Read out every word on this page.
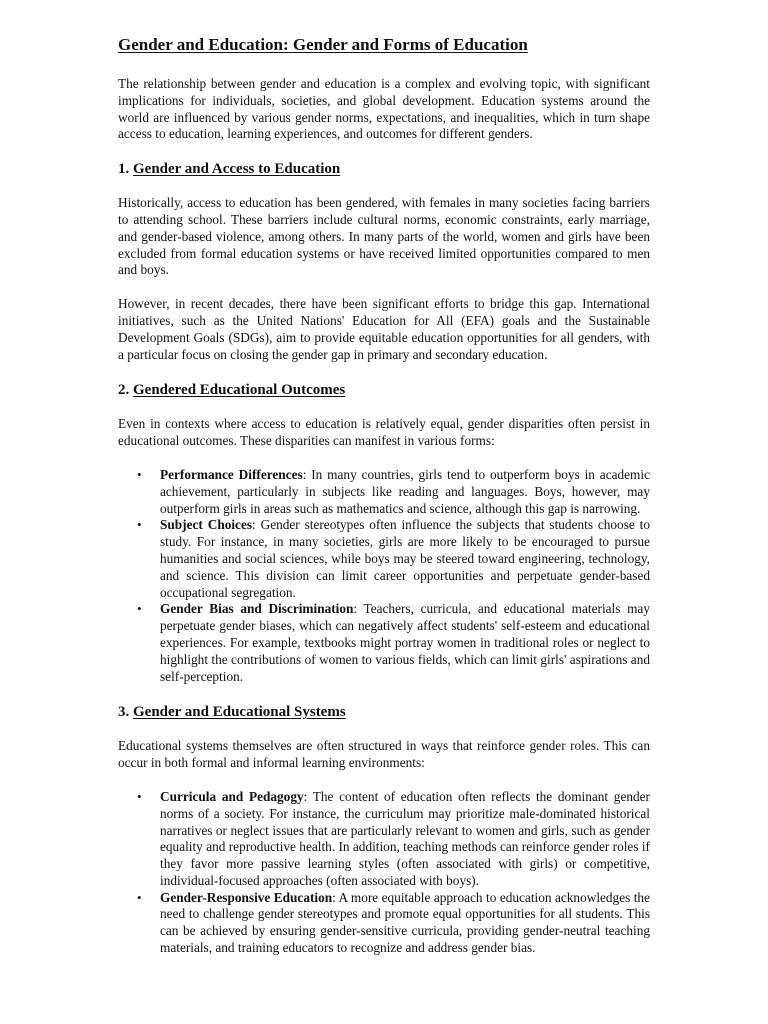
Gender and Education: Gender and Forms of Education

The relationship between gender and education is a complex and evolving topic, with significant implications for individuals, societies, and global development. Education systems around the world are influenced by various gender norms, expectations, and inequalities, which in turn shape access to education, learning experiences, and outcomes for different genders.

1. Gender and Access to Education

Historically, access to education has been gendered, with females in many societies facing barriers to attending school. These barriers include cultural norms, economic constraints, early marriage, and gender-based violence, among others. In many parts of the world, women and girls have been excluded from formal education systems or have received limited opportunities compared to men and boys.

However, in recent decades, there have been significant efforts to bridge this gap. International initiatives, such as the United Nations' Education for All (EFA) goals and the Sustainable Development Goals (SDGs), aim to provide equitable education opportunities for all genders, with a particular focus on closing the gender gap in primary and secondary education.

2. Gendered Educational Outcomes

Even in contexts where access to education is relatively equal, gender disparities often persist in educational outcomes. These disparities can manifest in various forms:

• Performance Differences: In many countries, girls tend to outperform boys in academic achievement, particularly in subjects like reading and languages. Boys, however, may outperform girls in areas such as mathematics and science, although this gap is narrowing.
• Subject Choices: Gender stereotypes often influence the subjects that students choose to study. For instance, in many societies, girls are more likely to be encouraged to pursue humanities and social sciences, while boys may be steered toward engineering, technology, and science. This division can limit career opportunities and perpetuate gender-based occupational segregation.
• Gender Bias and Discrimination: Teachers, curricula, and educational materials may perpetuate gender biases, which can negatively affect students' self-esteem and educational experiences. For example, textbooks might portray women in traditional roles or neglect to highlight the contributions of women to various fields, which can limit girls' aspirations and self-perception.
3. Gender and Educational Systems

Educational systems themselves are often structured in ways that reinforce gender roles. This can occur in both formal and informal learning environments:

• Curricula and Pedagogy: The content of education often reflects the dominant gender norms of a society. For instance, the curriculum may prioritize male-dominated historical narratives or neglect issues that are particularly relevant to women and girls, such as gender equality and reproductive health. In addition, teaching methods can reinforce gender roles if they favor more passive learning styles (often associated with girls) or competitive, individual-focused approaches (often associated with boys).
• Gender-Responsive Education: A more equitable approach to education acknowledges the need to challenge gender stereotypes and promote equal opportunities for all students. This can be achieved by ensuring gender-sensitive curricula, providing gender-neutral teaching materials, and training educators to recognize and address gender bias.
